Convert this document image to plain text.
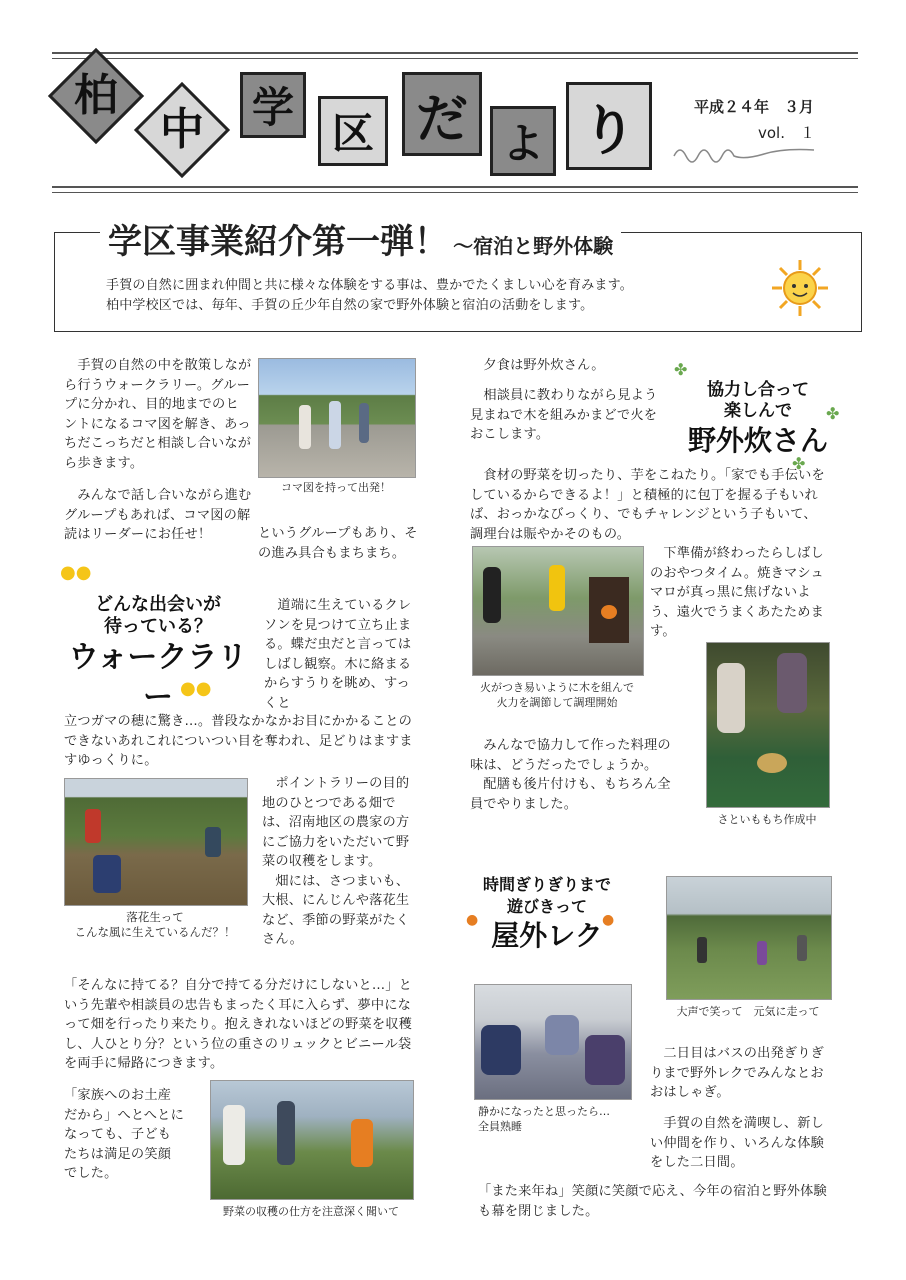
柏
中 学
区 だ よ り	平成２４年　３月
vol.　１
学区事業紹介第一弾！ ～宿泊と野外体験
手賀の自然に囲まれ仲間と共に様々な体験をする事は、豊かでたくましい心を育みます。
柏中学校区では、毎年、手賀の丘少年自然の家で野外体験と宿泊の活動をします。
　手賀の自然の中を散策しながら行うウォークラリー。グループに分かれ、目的地までのヒントになるコマ図を解き、あっちだこっちだと相談し合いながら歩きます。
コマ図を持って出発！
　みんなで話し合いながら進むグループもあれば、コマ図の解読はリーダーにお任せ！	というグループもあり、その進み具合もまちまち。
●●
どんな出会いが
待っている？
ウォークラリー ●●
　道端に生えているクレソンを見つけて立ち止まる。蝶だ虫だと言ってはしばし観察。木に絡まるからすうりを眺め、すっくと
立つガマの穂に驚き…。普段なかなかお目にかかることのできないあれこれについつい目を奪われ、足どりはますますゆっくりに。
落花生って
こんな風に生えているんだ？！
　ポイントラリーの目的地のひとつである畑では、沼南地区の農家の方にご協力をいただいて野菜の収穫をします。
　畑には、さつまいも、大根、にんじんや落花生など、季節の野菜がたくさん。
「そんなに持てる？自分で持てる分だけにしないと…」という先輩や相談員の忠告もまったく耳に入らず、夢中になって畑を行ったり来たり。抱えきれないほどの野菜を収穫し、人ひとり分？という位の重さのリュックとビニール袋を両手に帰路につきます。
「家族へのお土産だから」へとへとになっても、子どもたちは満足の笑顔でした。
野菜の収穫の仕方を注意深く聞いて
　夕食は野外炊さん。
　相談員に教わりながら見よう見まねで木を組みかまどで火をおこします。
✤
協力し合って
楽しんで
野外炊さん
✤
✤
　食材の野菜を切ったり、芋をこねたり。「家でも手伝いをしているからできるよ！」と積極的に包丁を握る子もいれば、おっかなびっくり、でもチャレンジという子もいて、調理台は賑やかそのもの。
火がつき易いように木を組んで
火力を調節して調理開始
　下準備が終わったらしばしのおやつタイム。焼きマシュマロが真っ黒に焦げないよう、遠火でうまくあたためます。
　みんなで協力して作った料理の味は、どうだったでしょうか。
　配膳も後片付けも、もちろん全員でやりました。
さといももち作成中
時間ぎりぎりまで
遊びきって
屋外レク
●	●
大声で笑って　元気に走って
静かになったと思ったら…
全員熟睡
　二日目はバスの出発ぎりぎりまで野外レクでみんなとおおはしゃぎ。
　手賀の自然を満喫し、新しい仲間を作り、いろんな体験をした二日間。
「また来年ね」笑顔に笑顔で応え、今年の宿泊と野外体験も幕を閉じました。
